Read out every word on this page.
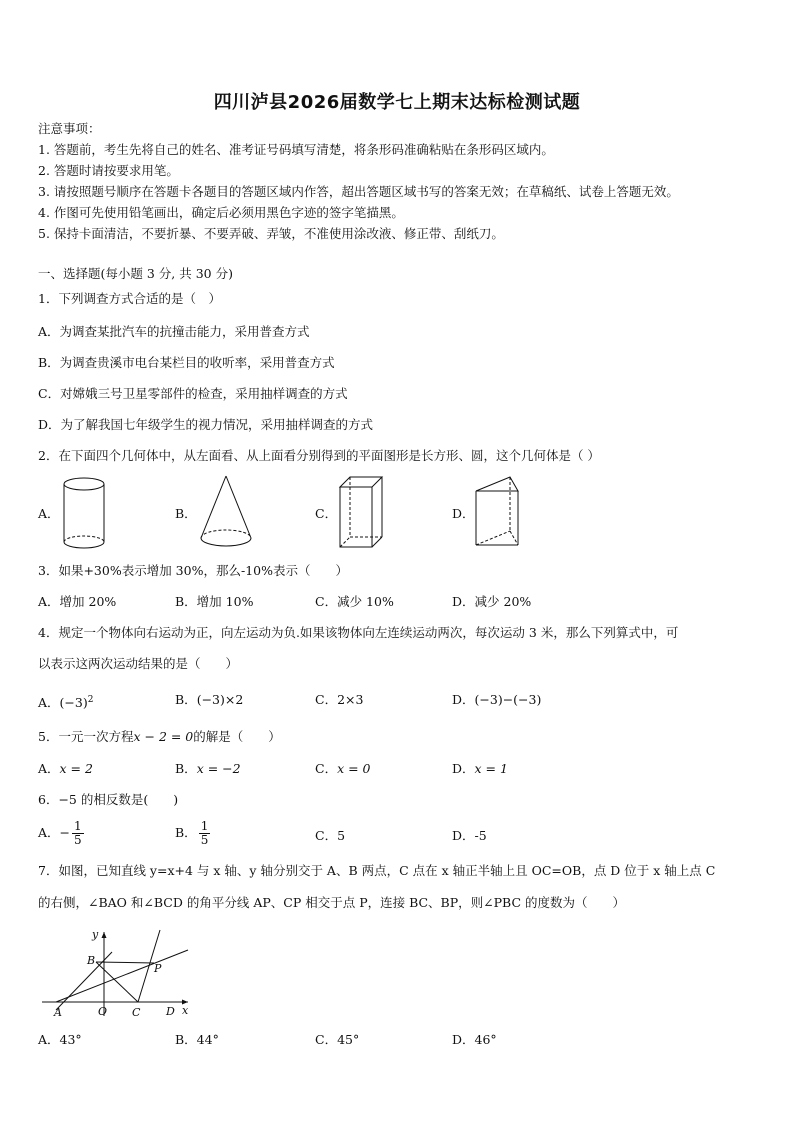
四川泸县2026届数学七上期末达标检测试题
注意事项：
1. 答题前，考生先将自己的姓名、准考证号码填写清楚，将条形码准确粘贴在条形码区域内。
2. 答题时请按要求用笔。
3. 请按照题号顺序在答题卡各题目的答题区域内作答，超出答题区域书写的答案无效；在草稿纸、试卷上答题无效。
4. 作图可先使用铅笔画出，确定后必须用黑色字迹的签字笔描黑。
5. 保持卡面清洁，不要折暴、不要弄破、弄皱，不准使用涂改液、修正带、刮纸刀。
一、选择题(每小题 3 分, 共 30 分)
1．下列调查方式合适的是（　）
A．为调查某批汽车的抗撞击能力，采用普查方式
B．为调查贵溪市电台某栏目的收听率，采用普查方式
C．对嫦娥三号卫星零部件的检查，采用抽样调查的方式
D．为了解我国七年级学生的视力情况，采用抽样调查的方式
2．在下面四个几何体中，从左面看、从上面看分别得到的平面图形是长方形、圆，这个几何体是（ ）
A．	B．	C．	D．
3．如果+30%表示增加 30%，那么-10%表示（　　）
A．增加 20%	B．增加 10%	C．减少 10%	D．减少 20%
4．规定一个物体向右运动为正，向左运动为负.如果该物体向左连续运动两次，每次运动 3 米，那么下列算式中，可
以表示这两次运动结果的是（　　）
A．$(-3)^2$	B．(−3)×2	C．2×3	D．(−3)−(−3)
5．一元一次方程x − 2 = 0的解是（　　）
A．x = 2	B．x = −2	C．x = 0	D．x = 1
6．−5 的相反数是(　　)
A．− $\frac{1}{5}$	B． $\frac{1}{5}$	C．5	D．-5
7．如图，已知直线 y=x+4 与 x 轴、y 轴分别交于 A、B 两点，C 点在 x 轴正半轴上且 OC=OB，点 D 位于 x 轴上点 C
的右侧，∠BAO 和∠BCD 的角平分线 AP、CP 相交于点 P，连接 BC、BP，则∠PBC 的度数为（　　）
y
x
B
P
A	O C D
A．43°	B．44°	C．45°	D．46°
